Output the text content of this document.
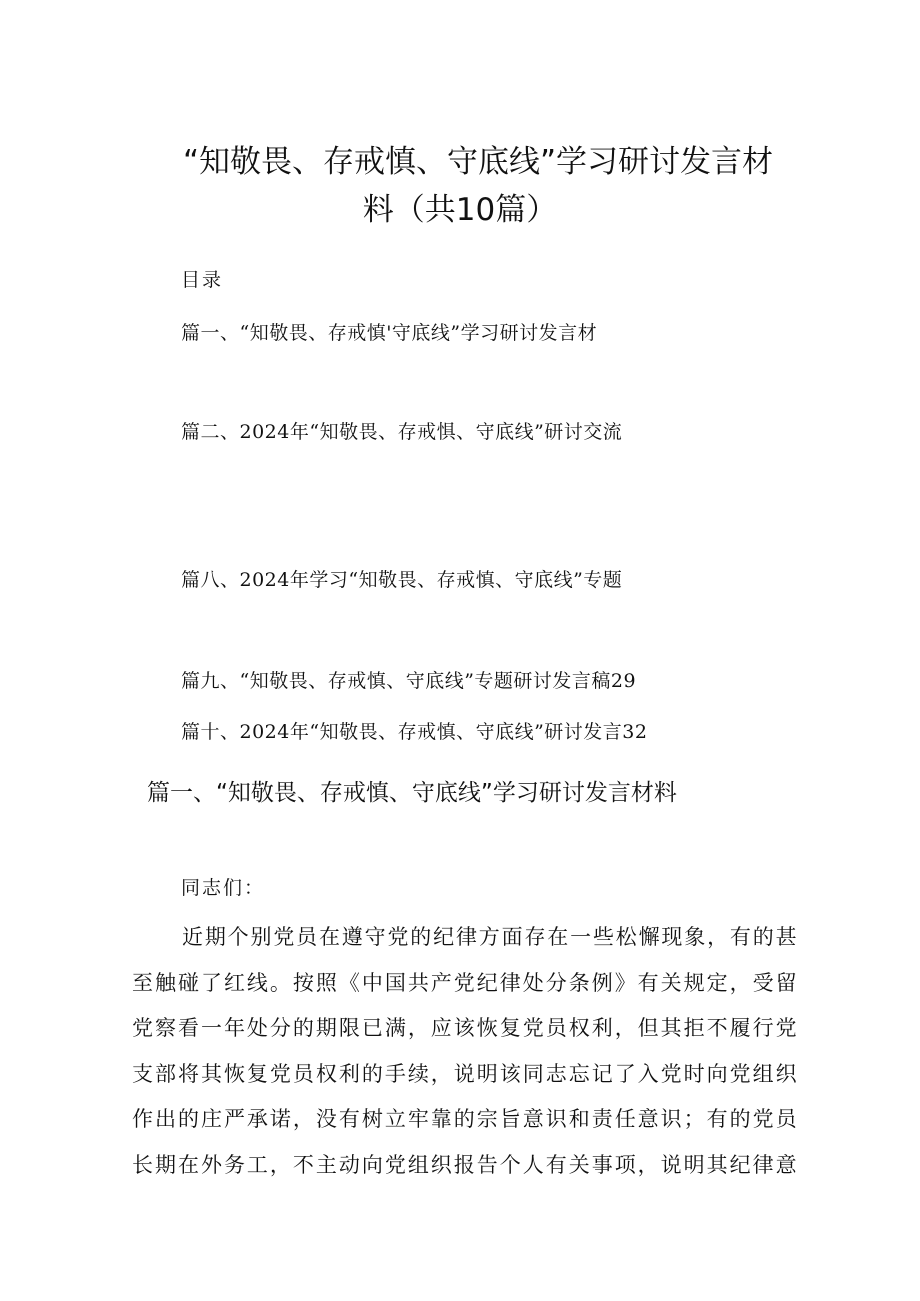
“知敬畏、存戒慎、守底线”学习研讨发言材
料（共10篇）
目录
篇一、“知敬畏、存戒慎'守底线”学习研讨发言材
篇二、2024年“知敬畏、存戒惧、守底线”研讨交流
篇八、2024年学习“知敬畏、存戒慎、守底线”专题
篇九、“知敬畏、存戒慎、守底线”专题研讨发言稿29
篇十、2024年“知敬畏、存戒慎、守底线”研讨发言32
篇一、“知敬畏、存戒慎、守底线”学习研讨发言材料
同志们：
近期个别党员在遵守党的纪律方面存在一些松懈现象，有的甚
至触碰了红线。按照《中国共产党纪律处分条例》有关规定，受留
党察看一年处分的期限已满，应该恢复党员权利，但其拒不履行党
支部将其恢复党员权利的手续，说明该同志忘记了入党时向党组织
作出的庄严承诺，没有树立牢靠的宗旨意识和责任意识；有的党员
长期在外务工，不主动向党组织报告个人有关事项，说明其纪律意
